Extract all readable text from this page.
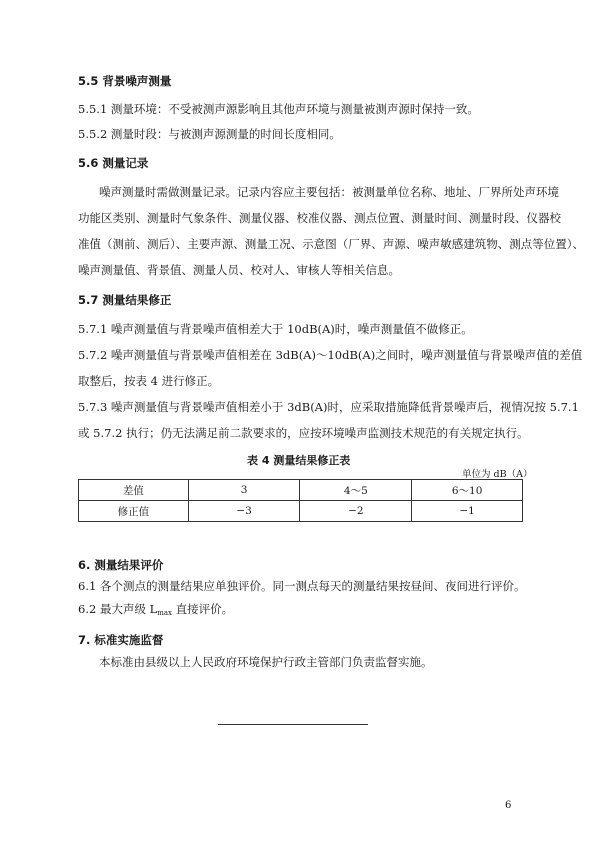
5.5 背景噪声测量
5.5.1 测量环境：不受被测声源影响且其他声环境与测量被测声源时保持一致。
5.5.2 测量时段：与被测声源测量的时间长度相同。
5.6 测量记录
噪声测量时需做测量记录。记录内容应主要包括：被测量单位名称、地址、厂界所处声环境
功能区类别、测量时气象条件、测量仪器、校准仪器、测点位置、测量时间、测量时段、仪器校
准值（测前、测后）、主要声源、测量工况、示意图（厂界、声源、噪声敏感建筑物、测点等位置）、
噪声测量值、背景值、测量人员、校对人、审核人等相关信息。
5.7 测量结果修正
5.7.1 噪声测量值与背景噪声值相差大于 10dB(A)时，噪声测量值不做修正。
5.7.2 噪声测量值与背景噪声值相差在 3dB(A)～10dB(A)之间时，噪声测量值与背景噪声值的差值
取整后，按表 4 进行修正。
5.7.3 噪声测量值与背景噪声值相差小于 3dB(A)时，应采取措施降低背景噪声后，视情况按 5.7.1
或 5.7.2 执行；仍无法满足前二款要求的，应按环境噪声监测技术规范的有关规定执行。
表 4 测量结果修正表
单位为 dB（A）
差值	3	4～5	6～10
修正值	−3	−2	−1
6. 测量结果评价
6.1 各个测点的测量结果应单独评价。同一测点每天的测量结果按昼间、夜间进行评价。
6.2 最大声级 $L_{max}$ 直接评价。
7. 标准实施监督
本标准由县级以上人民政府环境保护行政主管部门负责监督实施。
6
